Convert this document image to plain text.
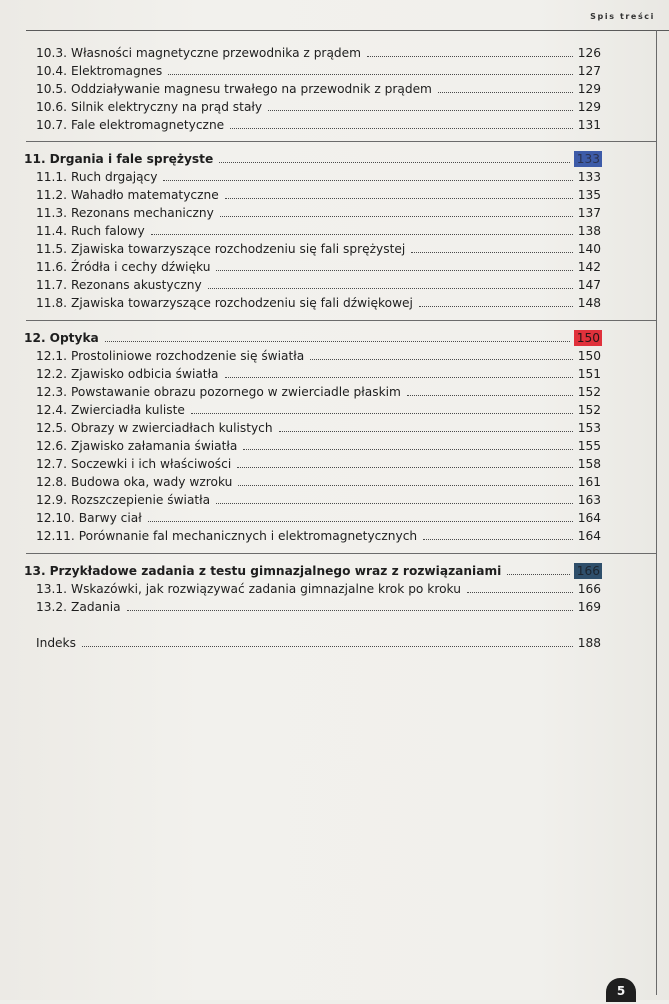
Spis treści
10.3. Własności magnetyczne przewodnika z prądem	126
10.4. Elektromagnes	127
10.5. Oddziaływanie magnesu trwałego na przewodnik z prądem	129
10.6. Silnik elektryczny na prąd stały	129
10.7. Fale elektromagnetyczne	131
11. Drgania i fale sprężyste	133
11.1. Ruch drgający	133
11.2. Wahadło matematyczne	135
11.3. Rezonans mechaniczny	137
11.4. Ruch falowy	138
11.5. Zjawiska towarzyszące rozchodzeniu się fali sprężystej	140
11.6. Źródła i cechy dźwięku	142
11.7. Rezonans akustyczny	147
11.8. Zjawiska towarzyszące rozchodzeniu się fali dźwiękowej	148
12. Optyka	150
12.1. Prostoliniowe rozchodzenie się światła	150
12.2. Zjawisko odbicia światła	151
12.3. Powstawanie obrazu pozornego w zwierciadle płaskim	152
12.4. Zwierciadła kuliste	152
12.5. Obrazy w zwierciadłach kulistych	153
12.6. Zjawisko załamania światła	155
12.7. Soczewki i ich właściwości	158
12.8. Budowa oka, wady wzroku	161
12.9. Rozszczepienie światła	163
12.10. Barwy ciał	164
12.11. Porównanie fal mechanicznych i elektromagnetycznych	164
13. Przykładowe zadania z testu gimnazjalnego wraz z rozwiązaniami	166
13.1. Wskazówki, jak rozwiązywać zadania gimnazjalne krok po kroku	166
13.2. Zadania	169
Indeks	188
5
